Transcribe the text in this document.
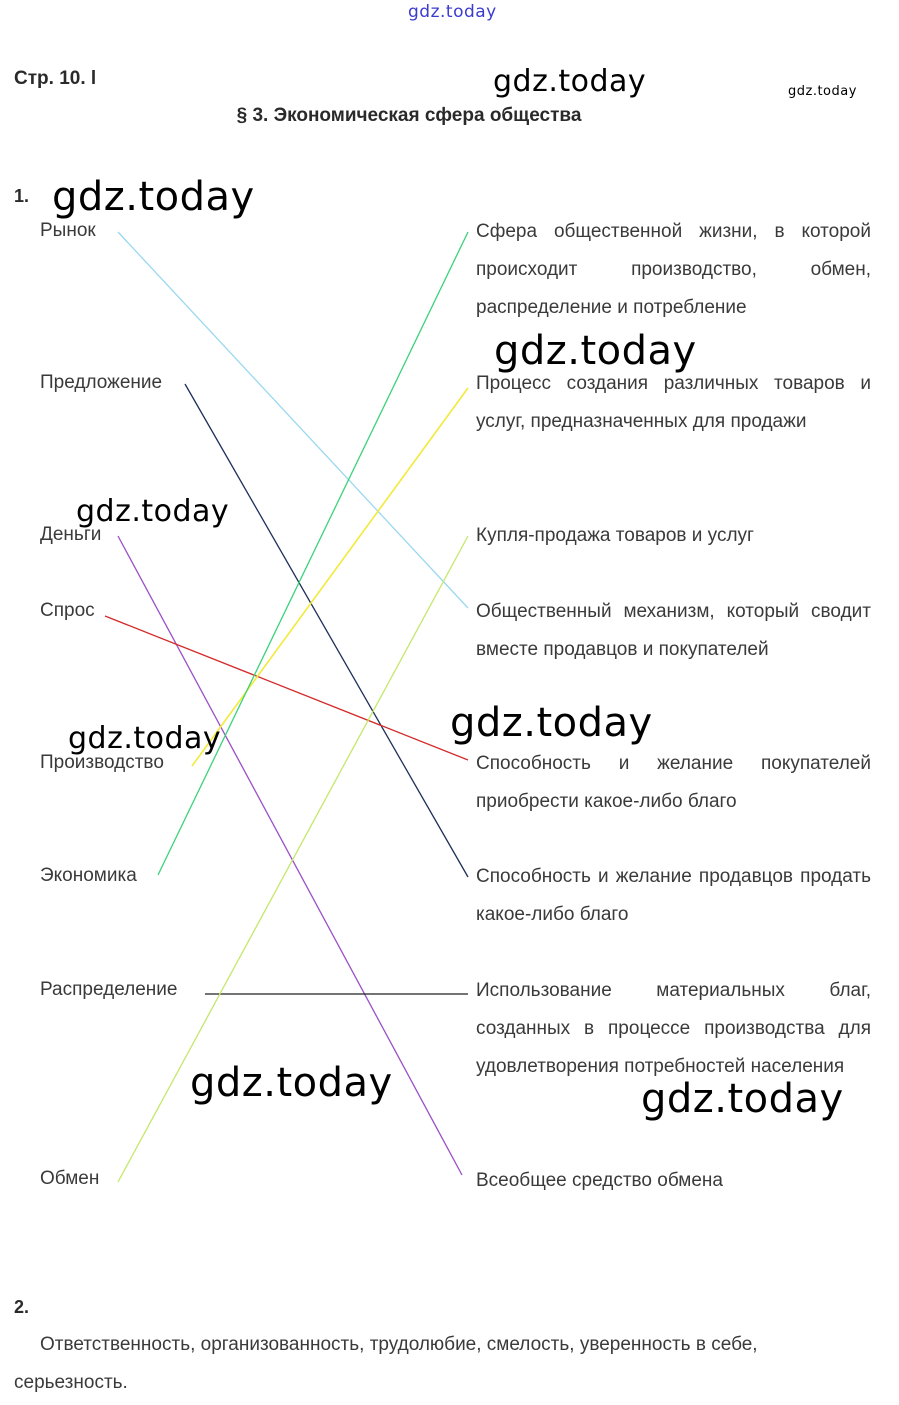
gdz.today
gdz.today	gdz.today
Стр. 10. l
§ 3. Экономическая сфера общества
1. gdz.today
Рынок
Предложение
Деньги
Спрос
Производство
Экономика
Распределение
Обмен
Сфера общественной жизни, в которой происходит производство, обмен, распределение и потребление
Процесс создания различных товаров и услуг, предназначенных для продажи
Купля-продажа товаров и услуг
Общественный механизм, который сводит вместе продавцов и покупателей
Способность и желание покупателей приобрести какое-либо благо
Способность и желание продавцов продать какое-либо благо
Использование материальных благ, созданных в процессе производства для удовлетворения потребностей населения
Всеобщее средство обмена
gdz.today
gdz.today
gdz.today
gdz.today
gdz.today	gdz.today
2.
Ответственность, организованность, трудолюбие, смелость, уверенность в себе, серьезность.
